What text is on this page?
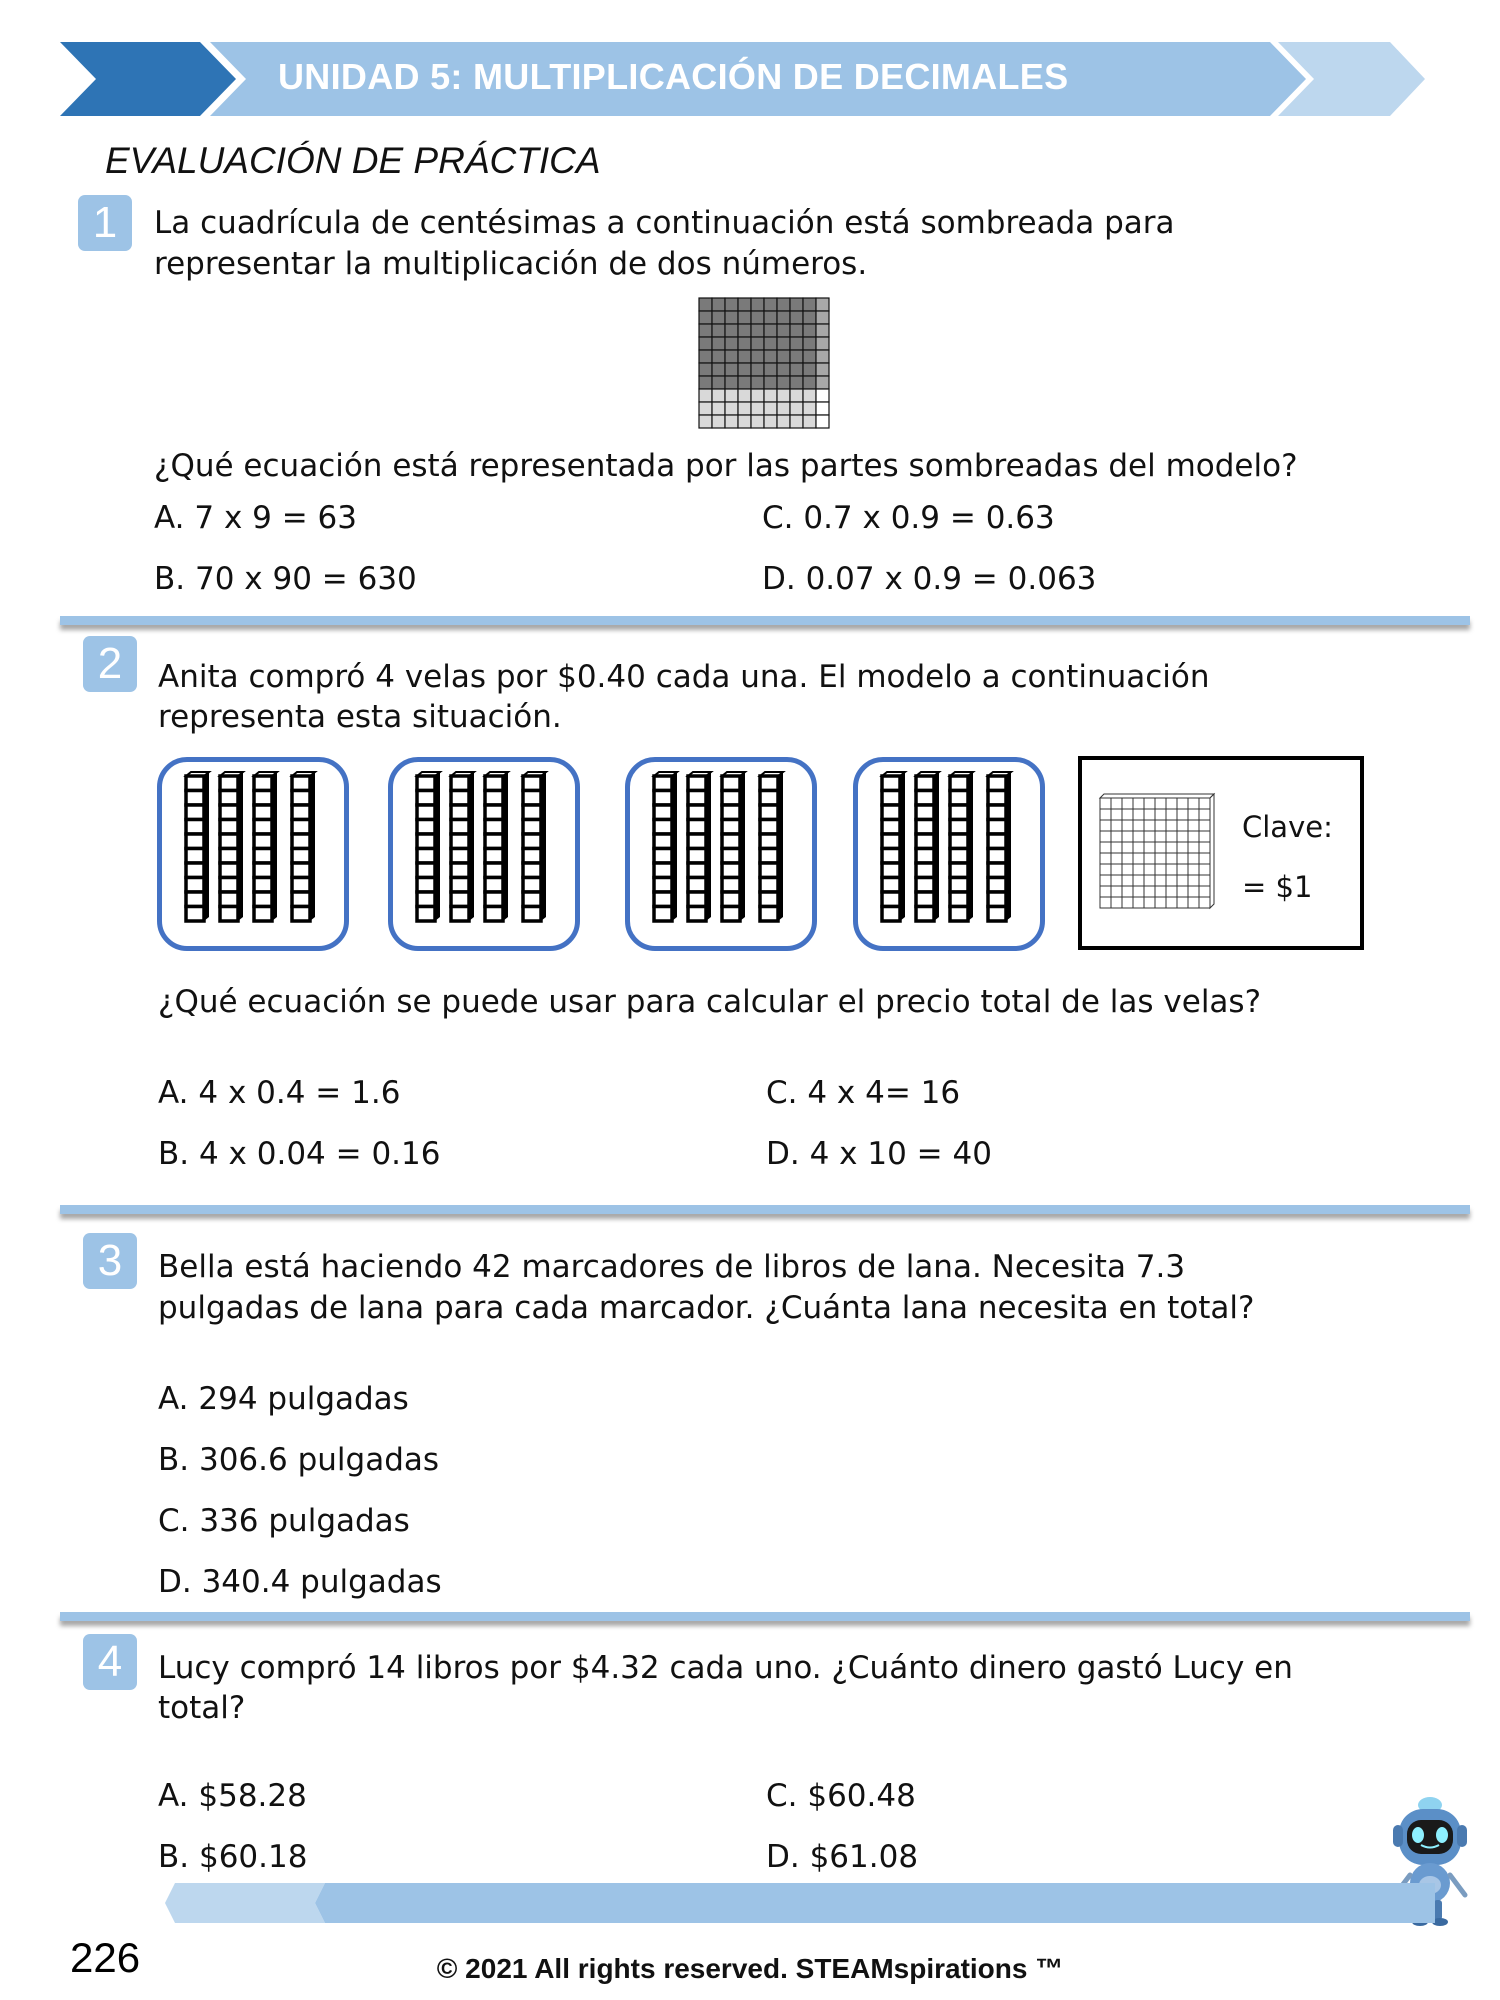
UNIDAD 5: MULTIPLICACIÓN DE DECIMALES
EVALUACIÓN DE PRÁCTICA
1	La cuadrícula de centésimas a continuación está sombreada para
representar la multiplicación de dos números.
¿Qué ecuación está representada por las partes sombreadas del modelo?
A. 7 x 9 = 63	C. 0.7 x 0.9 = 0.63
B. 70 x 90 = 630	D. 0.07 x 0.9 = 0.063
2	Anita compró 4 velas por $0.40 cada una. El modelo a continuación
representa esta situación.
Clave:
= $1
¿Qué ecuación se puede usar para calcular el precio total de las velas?
A. 4 x 0.4 = 1.6	C. 4 x 4= 16
B. 4 x 0.04 = 0.16	D. 4 x 10 = 40
3	Bella está haciendo 42 marcadores de libros de lana. Necesita 7.3
pulgadas de lana para cada marcador. ¿Cuánta lana necesita en total?
A. 294 pulgadas
B. 306.6 pulgadas
C. 336 pulgadas
D. 340.4 pulgadas
4	Lucy compró 14 libros por $4.32 cada uno. ¿Cuánto dinero gastó Lucy en
total?
A. $58.28	C. $60.48
B. $60.18	D. $61.08
226	© 2021 All rights reserved. STEAMspirations ™
